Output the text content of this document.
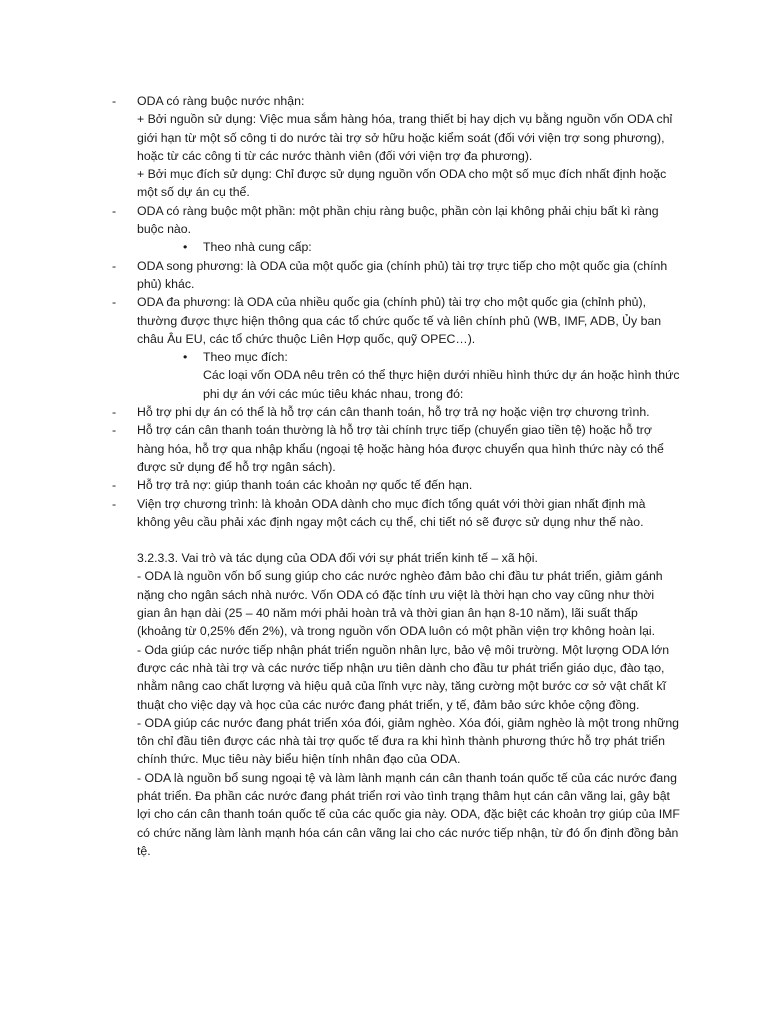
- ODA có ràng buộc nước nhận:
+ Bởi nguồn sử dụng: Việc mua sắm hàng hóa, trang thiết bị hay dịch vụ bằng nguồn vốn ODA chỉ giới hạn từ một số công ti do nước tài trợ sở hữu hoặc kiểm soát (đối với viện trợ song phương), hoặc từ các công ti từ các nước thành viên (đối với viện trợ đa phương).
+ Bởi mục đích sử dụng: Chỉ được sử dụng nguồn vốn ODA cho một số mục đích nhất định hoặc một số dự án cụ thể.
- ODA có ràng buộc một phần: một phần chịu ràng buộc, phần còn lại không phải chịu bất kì ràng buộc nào.
• Theo nhà cung cấp:
- ODA song phương: là ODA của một quốc gia (chính phủ) tài trợ trực tiếp cho một quốc gia (chính phủ) khác.
- ODA đa phương: là ODA của nhiều quốc gia (chính phủ) tài trợ cho một quốc gia (chỉnh phủ), thường được thực hiện thông qua các tổ chức quốc tế và liên chính phủ (WB, IMF, ADB, Ủy ban châu Âu EU, các tổ chức thuộc Liên Hợp quốc, quỹ OPEC…).
• Theo mục đích:
Các loại vốn ODA nêu trên có thể thực hiện dưới nhiều hình thức dự án hoặc hình thức phi dự án với các múc tiêu khác nhau, trong đó:
- Hỗ trợ phi dự án có thể là hỗ trợ cán cân thanh toán, hỗ trợ trả nợ hoặc viện trợ chương trình.
- Hỗ trợ cán cân thanh toán thường là hỗ trợ tài chính trực tiếp (chuyển giao tiền tệ) hoặc hỗ trợ hàng hóa, hỗ trợ qua nhập khẩu (ngoại tệ hoặc hàng hóa được chuyển qua hình thức này có thể được sử dụng để hỗ trợ ngân sách).
- Hỗ trợ trả nợ: giúp thanh toán các khoản nợ quốc tế đến hạn.
- Viện trợ chương trình: là khoản ODA dành cho mục đích tổng quát với thời gian nhất định mà không yêu cầu phải xác định ngay một cách cụ thể, chi tiết nó sẽ được sử dụng như thế nào.
3.2.3.3. Vai trò và tác dụng của ODA đối với sự phát triển kinh tế – xã hội.
- ODA là nguồn vốn bổ sung giúp cho các nước nghèo đảm bảo chi đầu tư phát triển, giảm gánh nặng cho ngân sách nhà nước. Vốn ODA có đặc tính ưu việt là thời hạn cho vay cũng như thời gian ân hạn dài (25 – 40 năm mới phải hoàn trả và thời gian ân hạn 8-10 năm), lãi suất thấp (khoảng từ 0,25% đến 2%), và trong nguồn vốn ODA luôn có một phần viện trợ không hoàn lại.
- Oda giúp các nước tiếp nhận phát triển nguồn nhân lực, bảo vệ môi trường. Một lượng ODA lớn được các nhà tài trợ và các nước tiếp nhận ưu tiên dành cho đầu tư phát triển giáo dục, đào tạo, nhằm nâng cao chất lượng và hiệu quả của lĩnh vực này, tăng cường một bước cơ sở vật chất kĩ thuật cho việc dạy và học của các nước đang phát triển, y tế, đảm bảo sức khỏe cộng đồng.
- ODA giúp các nước đang phát triển xóa đói, giảm nghèo. Xóa đói, giảm nghèo là một trong những tôn chỉ đầu tiên được các nhà tài trợ quốc tế đưa ra khi hình thành phương thức hỗ trợ phát triển chính thức. Mục tiêu này biểu hiện tính nhân đạo của ODA.
- ODA là nguồn bổ sung ngoại tệ và làm lành mạnh cán cân thanh toán quốc tế của các nước đang phát triển. Đa phần các nước đang phát triển rơi vào tình trạng thâm hụt cán cân vãng lai, gây bật lợi cho cán cân thanh toán quốc tế của các quốc gia này. ODA, đặc biệt các khoản trợ giúp của IMF có chức năng làm lành mạnh hóa cán cân vãng lai cho các nước tiếp nhận, từ đó ổn định đồng bản tệ.
